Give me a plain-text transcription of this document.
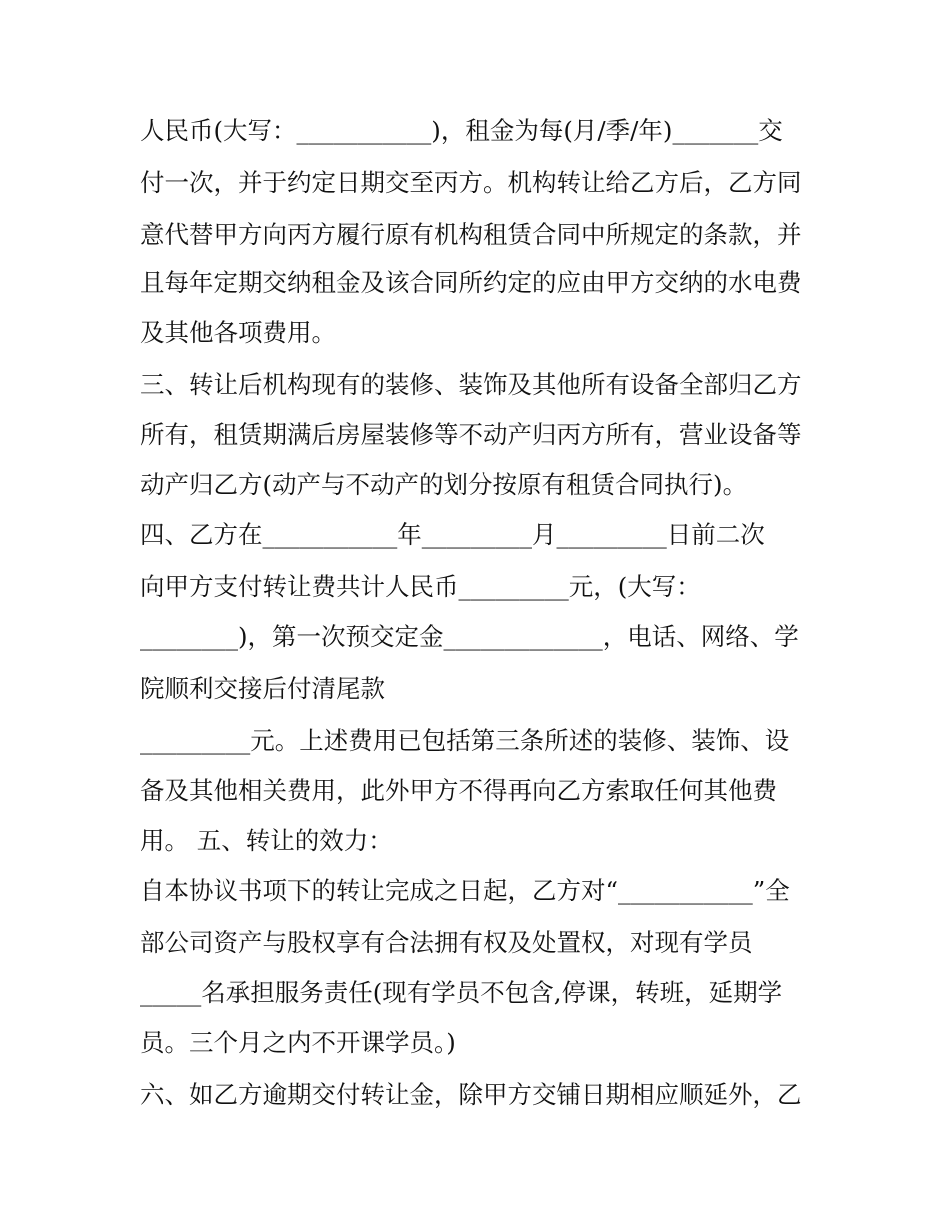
人民币(大写：___________)，租金为每(月/季/年)_______交
付一次，并于约定日期交至丙方。机构转让给乙方后，乙方同
意代替甲方向丙方履行原有机构租赁合同中所规定的条款，并
且每年定期交纳租金及该合同所约定的应由甲方交纳的水电费
及其他各项费用。
三、转让后机构现有的装修、装饰及其他所有设备全部归乙方
所有，租赁期满后房屋装修等不动产归丙方所有，营业设备等
动产归乙方(动产与不动产的划分按原有租赁合同执行)。
四、乙方在___________年_________月_________日前二次
向甲方支付转让费共计人民币_________元，(大写：
________)，第一次预交定金_____________，电话、网络、学
院顺利交接后付清尾款
_________元。上述费用已包括第三条所述的装修、装饰、设
备及其他相关费用，此外甲方不得再向乙方索取任何其他费
用。 五、转让的效力：
自本协议书项下的转让完成之日起，乙方对“___________”全
部公司资产与股权享有合法拥有权及处置权，对现有学员
_____名承担服务责任(现有学员不包含,停课，转班，延期学
员。三个月之内不开课学员。)
六、如乙方逾期交付转让金，除甲方交铺日期相应顺延外，乙
